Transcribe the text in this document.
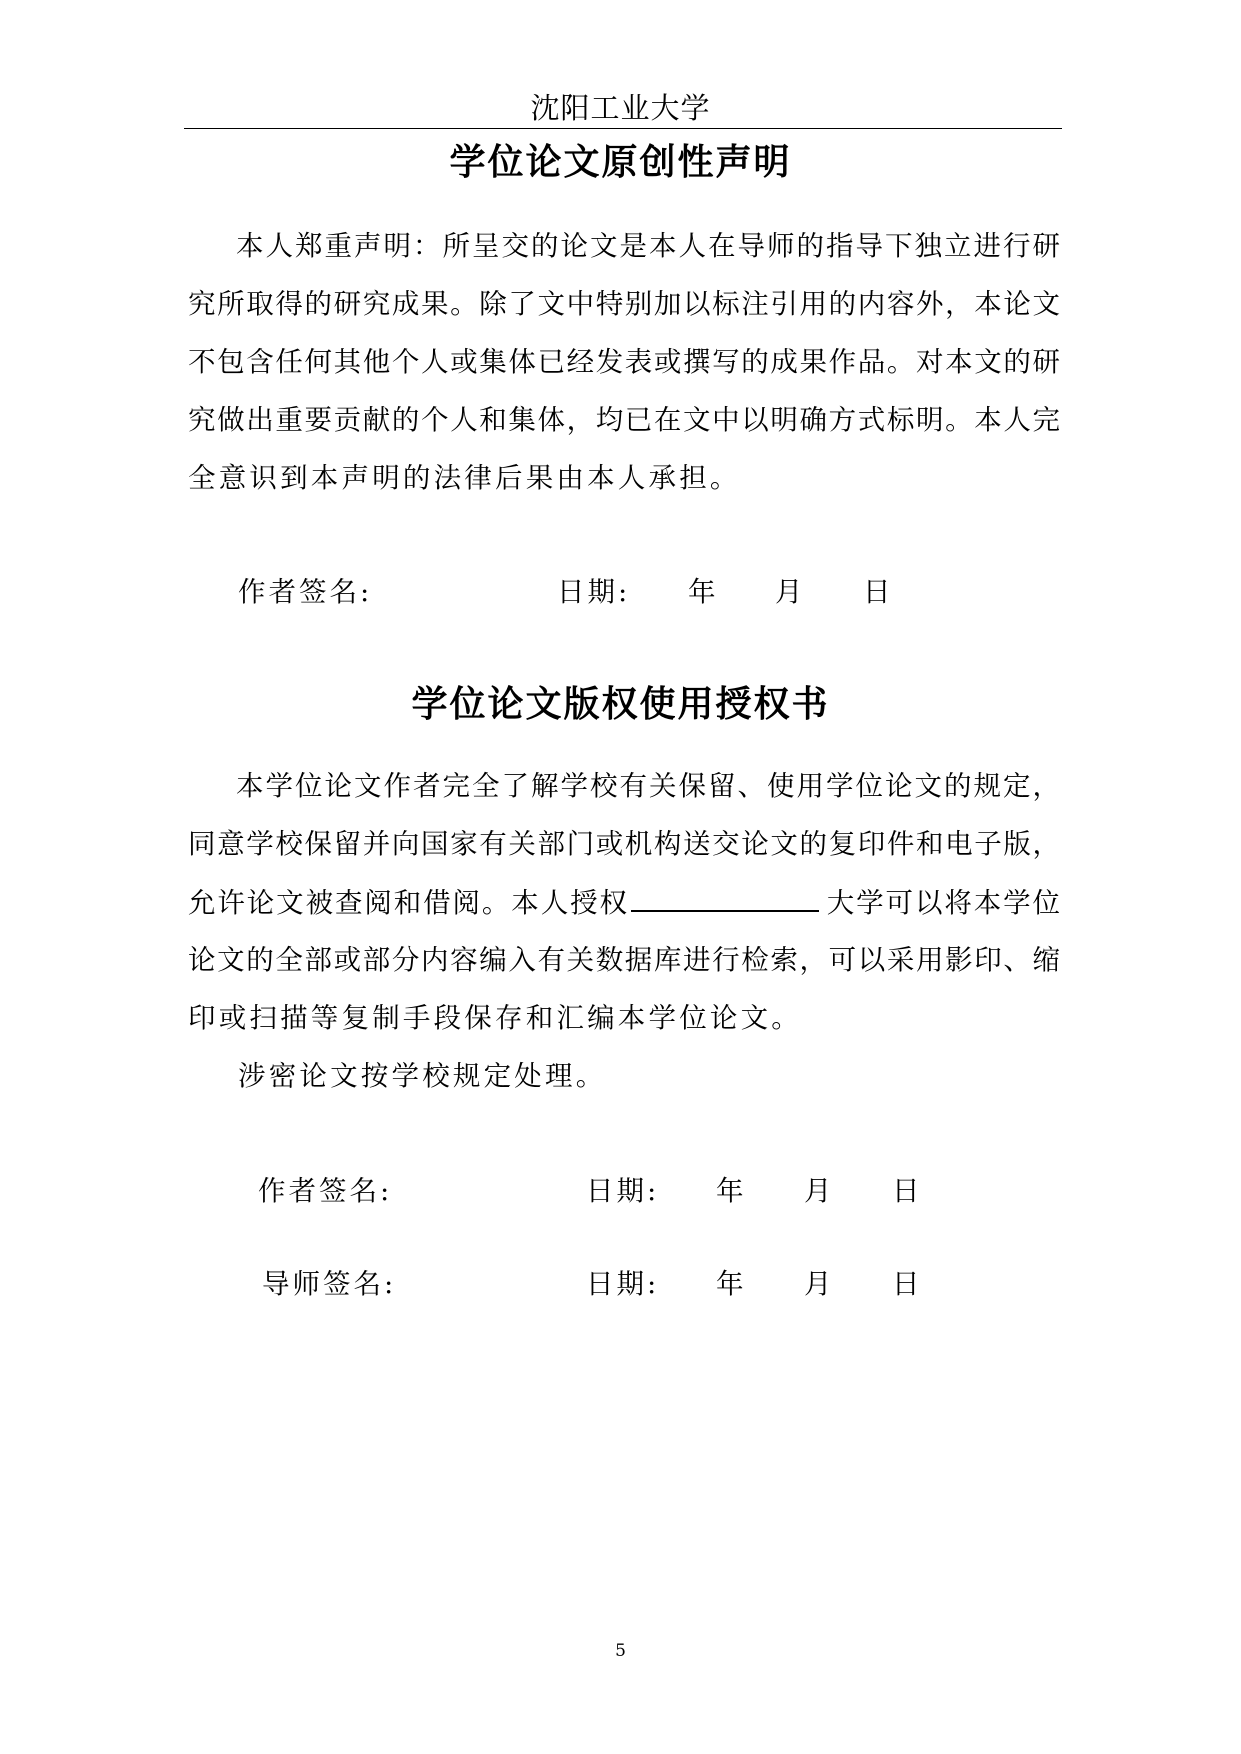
沈阳工业大学
学位论文原创性声明
本人郑重声明：所呈交的论文是本人在导师的指导下独立进行研
究所取得的研究成果。除了文中特别加以标注引用的内容外，本论文
不包含任何其他个人或集体已经发表或撰写的成果作品。对本文的研
究做出重要贡献的个人和集体，均已在文中以明确方式标明。本人完
全意识到本声明的法律后果由本人承担。
作者签名:	日期: 年 月 日
学位论文版权使用授权书
本学位论文作者完全了解学校有关保留、使用学位论文的规定，
同意学校保留并向国家有关部门或机构送交论文的复印件和电子版，
允许论文被查阅和借阅。本人授权	大学可以将本学位
论文的全部或部分内容编入有关数据库进行检索，可以采用影印、缩
印或扫描等复制手段保存和汇编本学位论文。
涉密论文按学校规定处理。
作者签名:	日期: 年 月 日
导师签名:	日期: 年 月 日
5
